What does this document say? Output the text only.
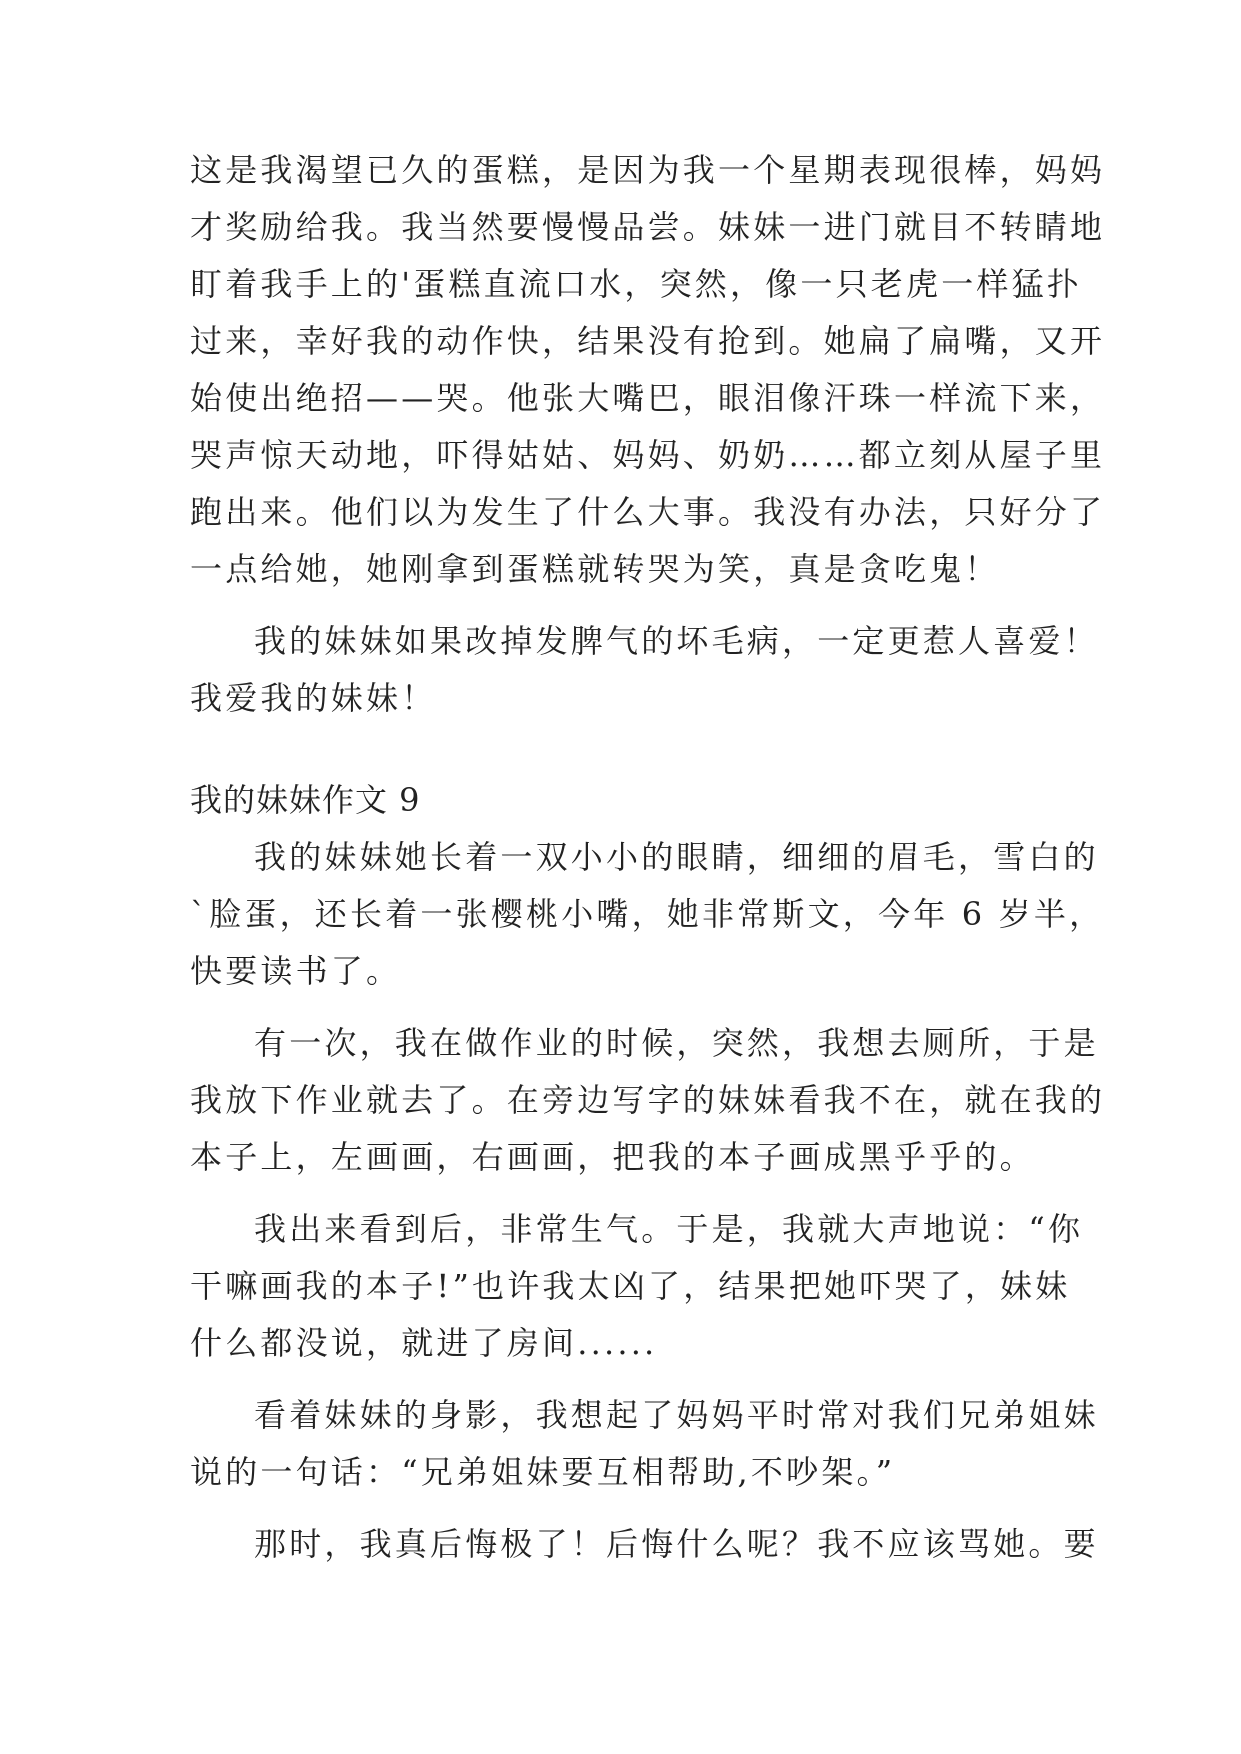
这是我渴望已久的蛋糕，是因为我一个星期表现很棒，妈妈
才奖励给我。我当然要慢慢品尝。妹妹一进门就目不转睛地
盯着我手上的'蛋糕直流口水，突然，像一只老虎一样猛扑
过来，幸好我的动作快，结果没有抢到。她扁了扁嘴，又开
始使出绝招——哭。他张大嘴巴，眼泪像汗珠一样流下来，
哭声惊天动地，吓得姑姑、妈妈、奶奶……都立刻从屋子里
跑出来。他们以为发生了什么大事。我没有办法，只好分了
一点给她，她刚拿到蛋糕就转哭为笑，真是贪吃鬼！
我的妹妹如果改掉发脾气的坏毛病，一定更惹人喜爱！
我爱我的妹妹！
我的妹妹作文 9
我的妹妹她长着一双小小的眼睛，细细的眉毛，雪白的
`脸蛋，还长着一张樱桃小嘴，她非常斯文，今年 6 岁半，
快要读书了。
有一次，我在做作业的时候，突然，我想去厕所，于是
我放下作业就去了。在旁边写字的妹妹看我不在，就在我的
本子上，左画画，右画画，把我的本子画成黑乎乎的。
我出来看到后，非常生气。于是，我就大声地说：“你
干嘛画我的本子!”也许我太凶了，结果把她吓哭了，妹妹
什么都没说，就进了房间......
看着妹妹的身影，我想起了妈妈平时常对我们兄弟姐妹
说的一句话：“兄弟姐妹要互相帮助,不吵架。”
那时，我真后悔极了！后悔什么呢？我不应该骂她。要
